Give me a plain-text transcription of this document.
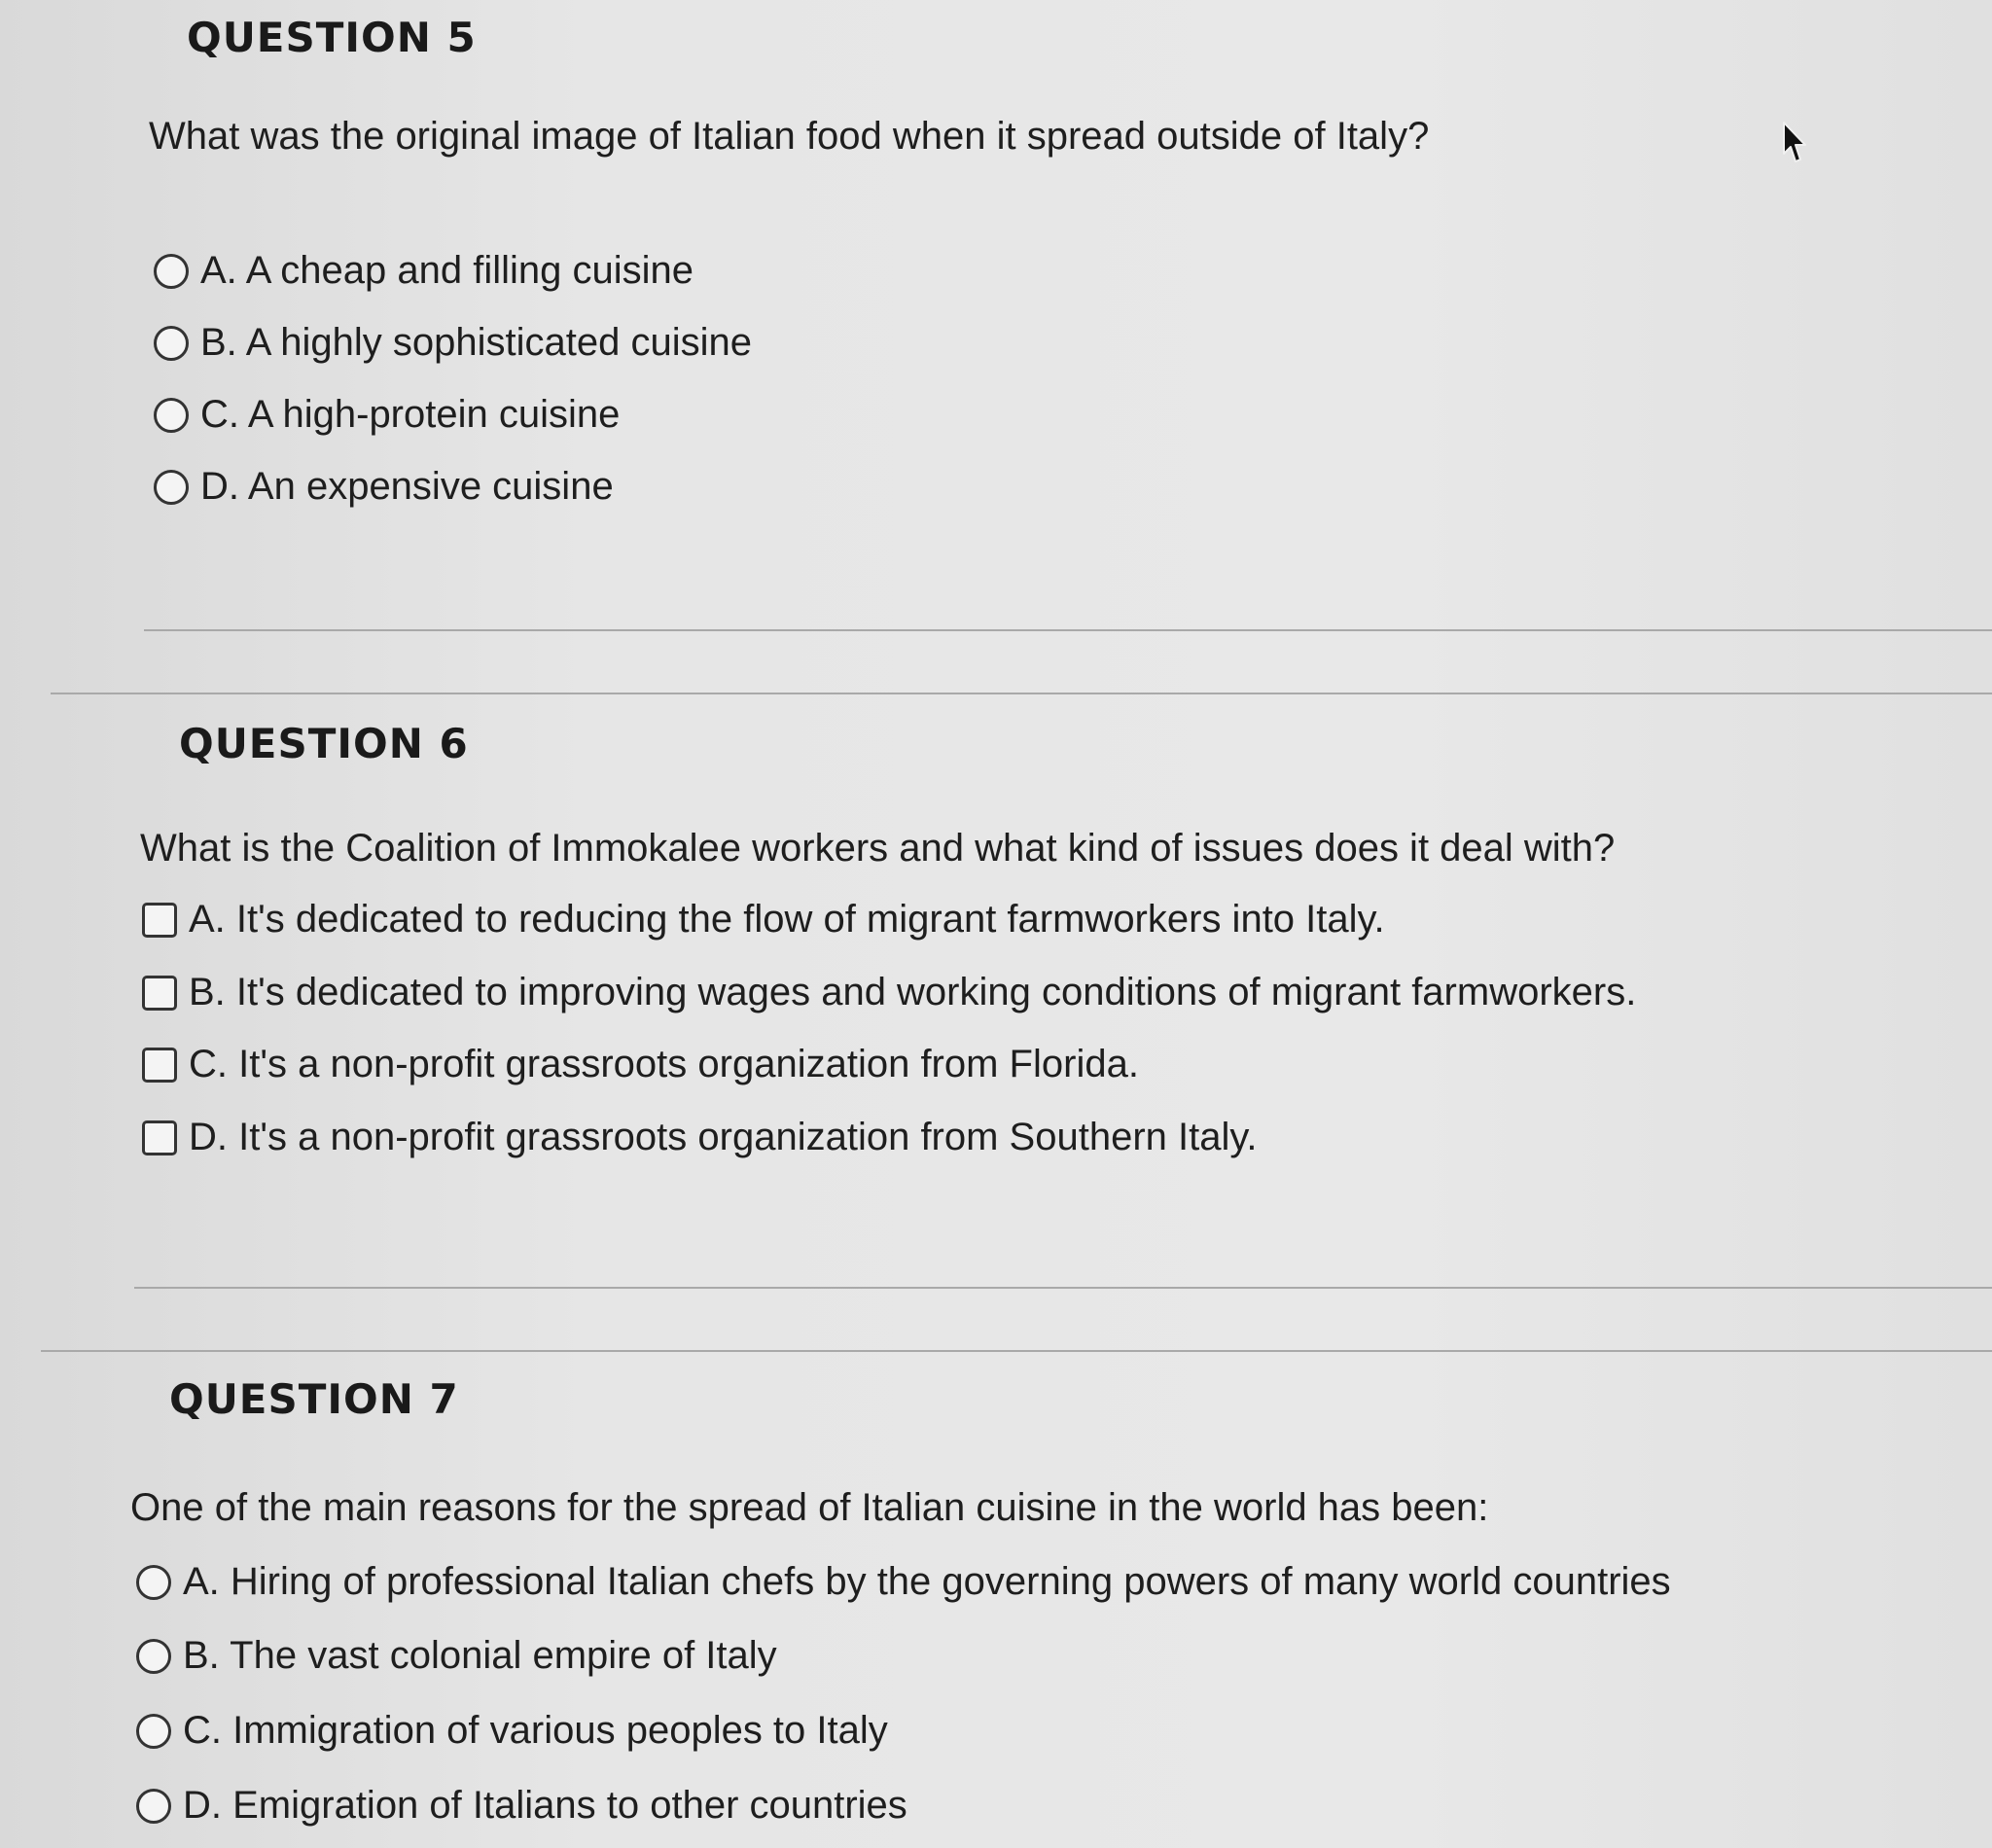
QUESTION 5

What was the original image of Italian food when it spread outside of Italy?

A. A cheap and filling cuisine
B. A highly sophisticated cuisine
C. A high-protein cuisine
D. An expensive cuisine
QUESTION 6

What is the Coalition of Immokalee workers and what kind of issues does it deal with?

A. It's dedicated to reducing the flow of migrant farmworkers into Italy.
B. It's dedicated to improving wages and working conditions of migrant farmworkers.
C. It's a non-profit grassroots organization from Florida.
D. It's a non-profit grassroots organization from Southern Italy.
QUESTION 7

One of the main reasons for the spread of Italian cuisine in the world has been:

A. Hiring of professional Italian chefs by the governing powers of many world countries
B. The vast colonial empire of Italy
C. Immigration of various peoples to Italy
D. Emigration of Italians to other countries
